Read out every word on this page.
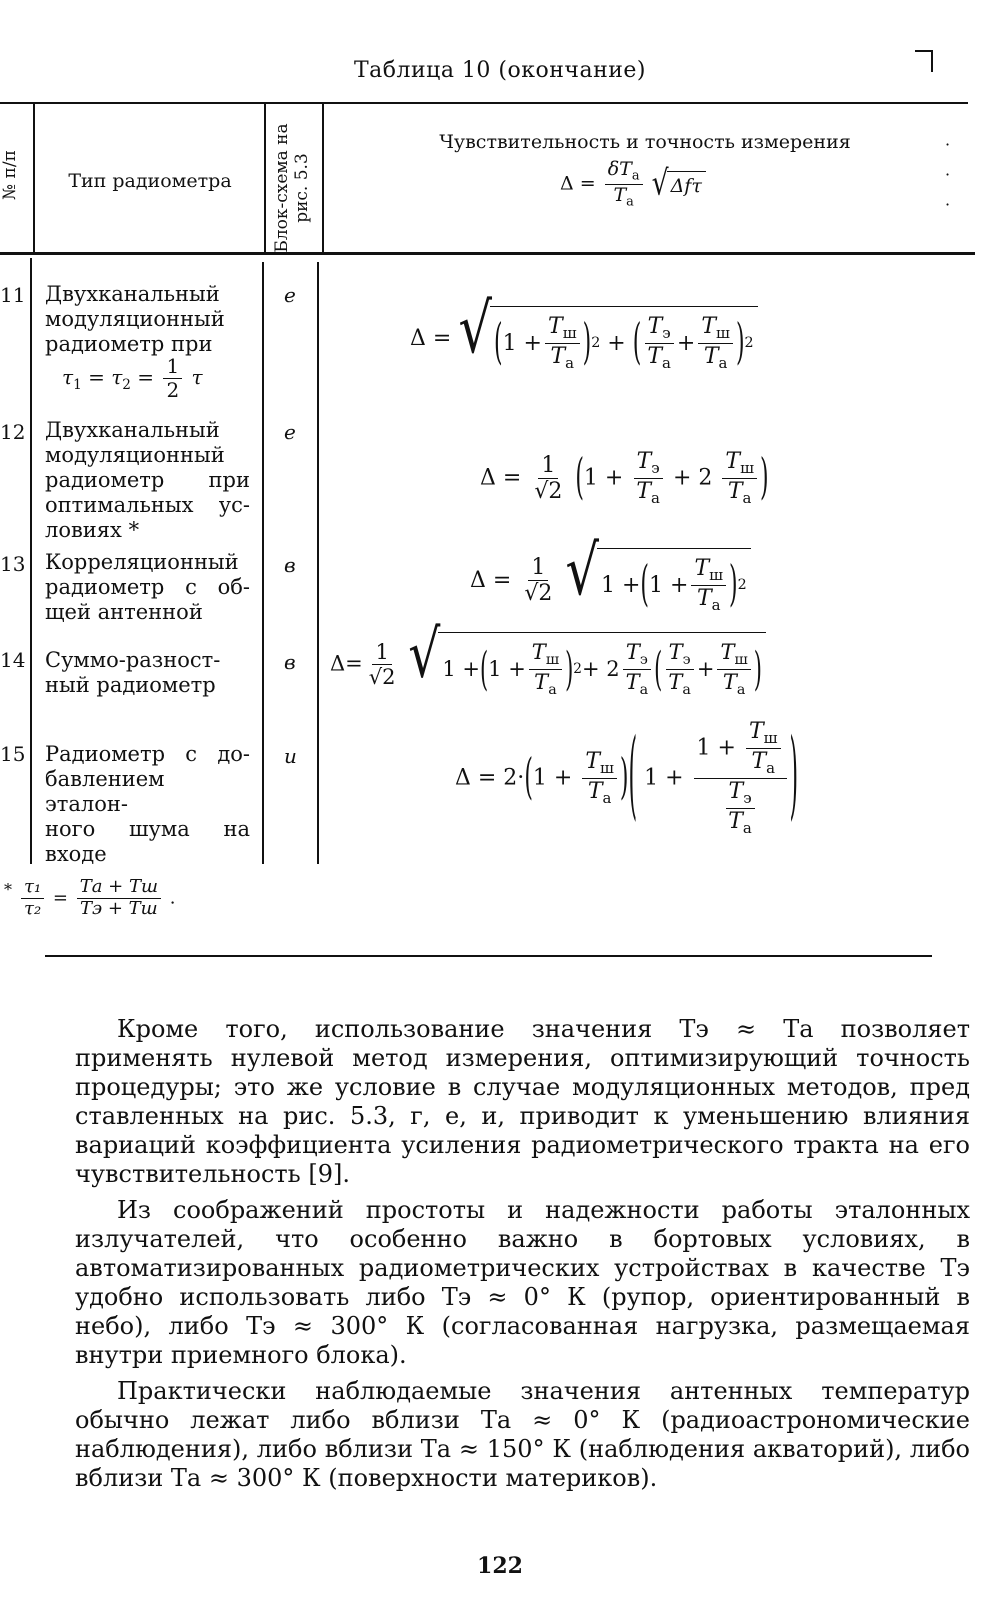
Таблица 10 (окончание)
№ п/п	Тип радиометра	Блок-схема на рис. 5.3
Чувствительность и точность измерения
$\Delta = \frac{\delta T_а}{T_а}$
√ Δfτ
·
·
·
11
12
13
14
15
Двухканальный
модуляционный
радиометр при
$\tau_1 = \tau_2 = \frac{1}{2}$ τ
е
Δ = √ ( $1 + \frac{T_ш}{T_а}$ ) 2 + ( $\frac{T_э}{T_а} + \frac{T_ш}{T_а}$ ) 2
Двухканальный
модуляционный
радиометр при
оптимальных ус-
ловиях *
е
$\Delta = \frac{1}{√2} (1 + \frac{T_э}{T_а} + 2 \frac{T_ш}{T_а}$ )
Корреляционный
радиометр с об-
щей антенной
в
$\Delta = \frac{1}{√2}$
√ 1 + ( $1 + \frac{T_ш}{T_а}$ ) 2
Суммо-разност-
ный радиометр
в $\Delta= \frac{1}{√2}$
√ 1 + ( $1 + \frac{T_ш}{T_а}$ ) $2 + 2 \frac{T_э}{T_а}$ ( $\frac{T_э}{T_а} + \frac{T_ш}{T_а}$ )
Радиометр с до-
бавлением эталон-
ного шума на
входе
и
$\Delta = 2\cdot(1 + \frac{T_ш}{T_а}$ )( $1 + \frac{1 + \frac{T_ш}{T_а}}{\frac{T_э}{T_а}}$ )
* $\frac{\text{τ₁}}{\text{τ₂}} = \frac{Tа + Tш}{Tэ + Tш}$ .
Кроме того, использование значения Tэ ≈ Tа позволяет применять нулевой метод измерения, оптимизирующий точность процедуры; это же условие в случае модуляционных методов, пред ставленных на рис. 5.3, г, е, и, приводит к уменьшению влияния вариаций коэффициента усиления радиометрического тракта на его чувствительность [9].
Из соображений простоты и надежности работы эталонных излучателей, что особенно важно в бортовых условиях, в автоматизированных радиометрических устройствах в качестве Tэ удобно использовать либо Tэ ≈ 0° К (рупор, ориентированный в небо), либо Tэ ≈ 300° К (согласованная нагрузка, размещаемая внутри приемного блока).
Практически наблюдаемые значения антенных температур обычно лежат либо вблизи Tа ≈ 0° К (радиоастрономические наблюдения), либо вблизи Tа ≈ 150° К (наблюдения акваторий), либо вблизи Tа ≈ 300° К (поверхности материков).
122
